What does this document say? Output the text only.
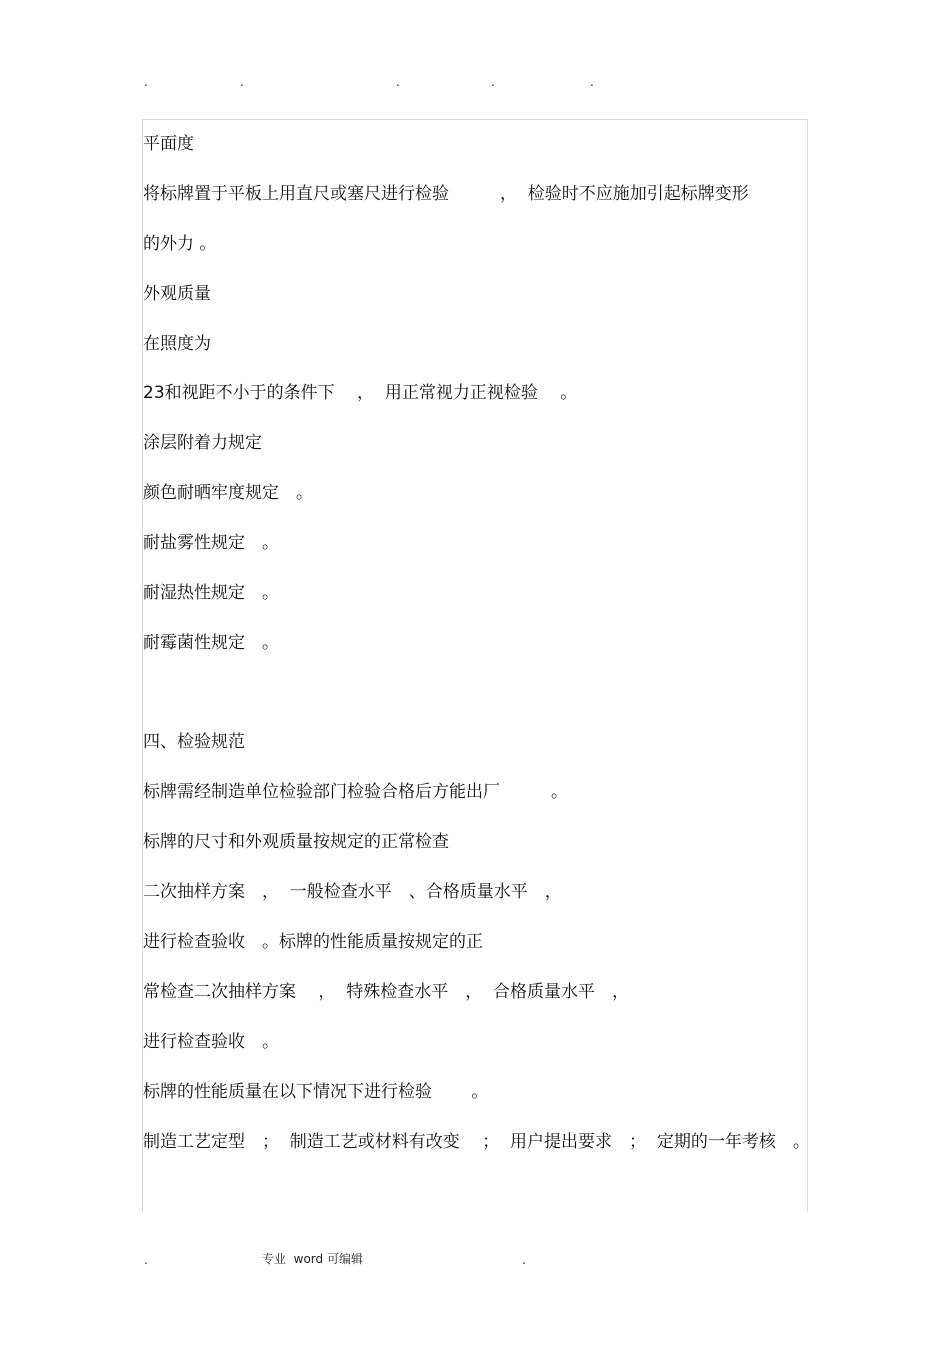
.	.	.	.	.
平面度
将标牌置于平板上用直尺或塞尺进行检验　　　，  检验时不应施加引起标牌变形
的外力 。
外观质量
在照度为
23和视距不小于的条件下　 ，  用正常视力正视检验　 。
涂层附着力规定
颜色耐晒牢度规定　。
耐盐雾性规定　。
耐湿热性规定　。
耐霉菌性规定　。
四、检验规范
标牌需经制造单位检验部门检验合格后方能出厂　　　。
标牌的尺寸和外观质量按规定的正常检查
二次抽样方案　，  一般检查水平　、合格质量水平　，
进行检查验收　。标牌的性能质量按规定的正
常检查二次抽样方案　 ，  特殊检查水平　，  合格质量水平　，
进行检查验收　。
标牌的性能质量在以下情况下进行检验　　 。
制造工艺定型　；  制造工艺或材料有改变　 ；  用户提出要求　；  定期的一年考核　。
.	专业  word 可编辑	.
